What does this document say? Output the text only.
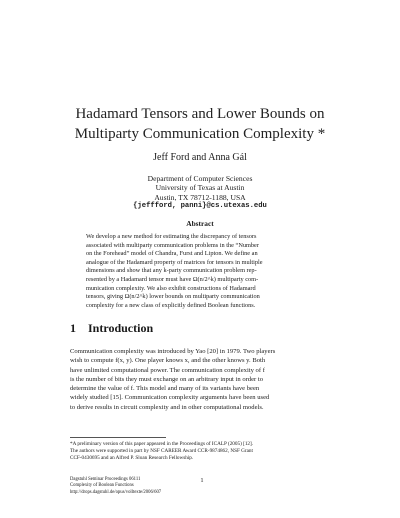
Hadamard Tensors and Lower Bounds on
Multiparty Communication Complexity *
Jeff Ford and Anna Gál
Department of Computer Sciences
University of Texas at Austin
Austin, TX 78712-1188, USA
{jeffford, panni}@cs.utexas.edu
Abstract
We develop a new method for estimating the discrepancy of tensors
associated with multiparty communication problems in the “Number
on the Forehead” model of Chandra, Furst and Lipton. We define an
analogue of the Hadamard property of matrices for tensors in multiple
dimensions and show that any k-party communication problem rep-
resented by a Hadamard tensor must have Ω(n/2^k) multiparty com-
munication complexity. We also exhibit constructions of Hadamard
tensors, giving Ω(n/2^k) lower bounds on multiparty communication
complexity for a new class of explicitly defined Boolean functions.
1 Introduction
Communication complexity was introduced by Yao [20] in 1979. Two players
wish to compute f(x, y). One player knows x, and the other knows y. Both
have unlimited computational power. The communication complexity of f
is the number of bits they must exchange on an arbitrary input in order to
determine the value of f. This model and many of its variants have been
widely studied [15]. Communication complexity arguments have been used
to derive results in circuit complexity and in other computational models.
*A preliminary version of this paper appeared in the Proceedings of ICALP (2005) [12].
The authors were supported in part by NSF CAREER Award CCR-9874862, NSF Grant
CCF-0430695 and an Alfred P. Sloan Research Fellowship.
Dagstuhl Seminar Proceedings 06111
Complexity of Boolean Functions
http://drops.dagstuhl.de/opus/volltexte/2006/607
1
